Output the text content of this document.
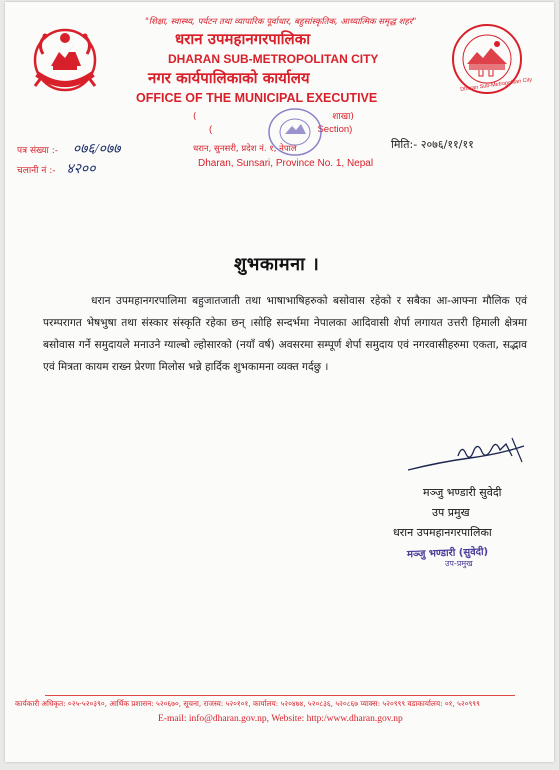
Dharan Sub-Metropolitan City
"शिक्षा, स्वास्थ्य, पर्यटन तथा व्यापारिक पूर्वाधार, बहुसांस्कृतिक, आध्यात्मिक समृद्ध शहर"
धरान उपमहानगरपालिका
DHARAN SUB-METROPOLITAN CITY
नगर कार्यपालिकाको कार्यालय
OFFICE OF THE MUNICIPAL EXECUTIVE
(	शाखा)
(	Section)
धरान, सुनसरी, प्रदेश नं. १, नेपाल
Dharan, Sunsari, Province No. 1, Nepal
पत्र संख्या :- ०७६/०७७
चलानी नं :- ४२००
मिति:- २०७६/११/११
शुभकामना ।
धरान उपमहानगरपालिमा बहुजातजाती तथा भाषाभाषिहरुको बसोवास रहेको र सबैका आ-आफ्ना मौलिक एवं परम्परागत भेषभुषा तथा संस्कार संस्कृति रहेका छन् ।सोहि सन्दर्भमा नेपालका आदिवासी शेर्पा लगायत उत्तरी हिमाली क्षेत्रमा बसोवास गर्ने समुदायले मनाउने ग्याल्बो ल्होसारको (नयाँ वर्ष) अवसरमा सम्पूर्ण शेर्पा समुदाय एवं नगरवासीहरुमा एकता, सद्भाव एवं मित्रता कायम राख्न प्रेरणा मिलोस भन्ने हार्दिक शुभकामना व्यक्त गर्दछु ।
मञ्जु भण्डारी सुवेदी
उप प्रमुख
धरान उपमहानगरपालिका
मञ्जु भण्डारी (सुवेदी)
उप-प्रमुख
कार्यकारी अधिकृत: ०२५-५२०३९०, आर्थिक प्रशासन: ५२०६७०, सूचना, राजस्व: ५२०१०१, कार्यालय: ५२०४७४, ५२०८३६, ५२०८६७ प्याक्स: ५२०९९९ वडाकार्यालय: ०१, ५२०९९९
E-mail: info@dharan.gov.np, Website: http:/www.dharan.gov.np
